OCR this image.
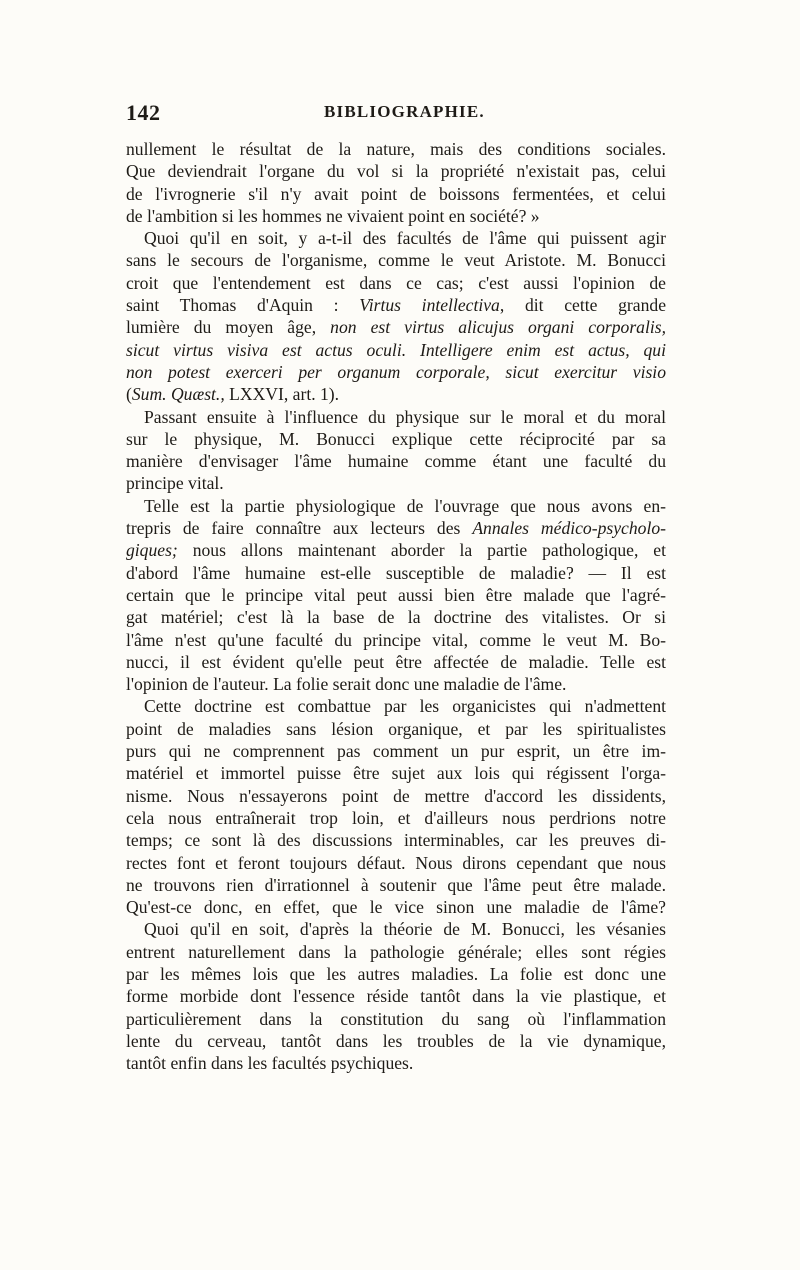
142	BIBLIOGRAPHIE.
nullement le résultat de la nature, mais des conditions sociales.
Que deviendrait l'organe du vol si la propriété n'existait pas, celui
de l'ivrognerie s'il n'y avait point de boissons fermentées, et celui
de l'ambition si les hommes ne vivaient point en société? »
Quoi qu'il en soit, y a-t-il des facultés de l'âme qui puissent agir
sans le secours de l'organisme, comme le veut Aristote. M. Bonucci
croit que l'entendement est dans ce cas; c'est aussi l'opinion de
saint Thomas d'Aquin : Virtus intellectiva, dit cette grande
lumière du moyen âge, non est virtus alicujus organi corporalis,
sicut virtus visiva est actus oculi. Intelligere enim est actus, qui
non potest exerceri per organum corporale, sicut exercitur visio
(Sum. Quæst., LXXVI, art. 1).
Passant ensuite à l'influence du physique sur le moral et du moral
sur le physique, M. Bonucci explique cette réciprocité par sa
manière d'envisager l'âme humaine comme étant une faculté du
principe vital.
Telle est la partie physiologique de l'ouvrage que nous avons en-
trepris de faire connaître aux lecteurs des Annales médico-psycholo-
giques; nous allons maintenant aborder la partie pathologique, et
d'abord l'âme humaine est-elle susceptible de maladie? — Il est
certain que le principe vital peut aussi bien être malade que l'agré-
gat matériel; c'est là la base de la doctrine des vitalistes. Or si
l'âme n'est qu'une faculté du principe vital, comme le veut M. Bo-
nucci, il est évident qu'elle peut être affectée de maladie. Telle est
l'opinion de l'auteur. La folie serait donc une maladie de l'âme.
Cette doctrine est combattue par les organicistes qui n'admettent
point de maladies sans lésion organique, et par les spiritualistes
purs qui ne comprennent pas comment un pur esprit, un être im-
matériel et immortel puisse être sujet aux lois qui régissent l'orga-
nisme. Nous n'essayerons point de mettre d'accord les dissidents,
cela nous entraînerait trop loin, et d'ailleurs nous perdrions notre
temps; ce sont là des discussions interminables, car les preuves di-
rectes font et feront toujours défaut. Nous dirons cependant que nous
ne trouvons rien d'irrationnel à soutenir que l'âme peut être malade.
Qu'est-ce donc, en effet, que le vice sinon une maladie de l'âme?
Quoi qu'il en soit, d'après la théorie de M. Bonucci, les vésanies
entrent naturellement dans la pathologie générale; elles sont régies
par les mêmes lois que les autres maladies. La folie est donc une
forme morbide dont l'essence réside tantôt dans la vie plastique, et
particulièrement dans la constitution du sang où l'inflammation
lente du cerveau, tantôt dans les troubles de la vie dynamique,
tantôt enfin dans les facultés psychiques.
